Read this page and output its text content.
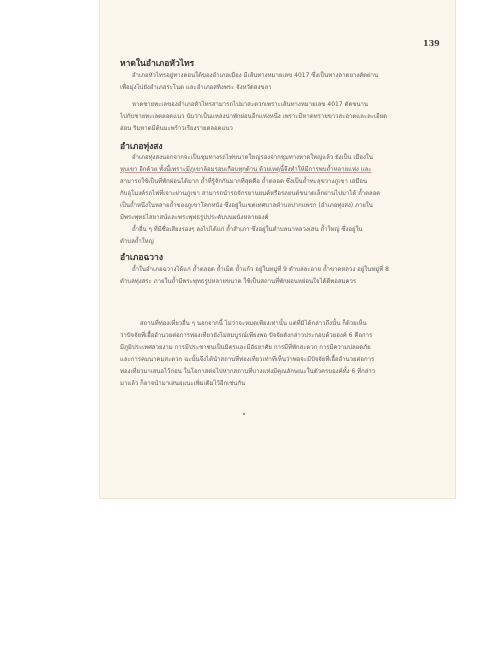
139
หาดในอำเภอหัวไทร
อำเภอหัวไทรอยู่ทางตอนใต้ของอำเภอเมือง มีเส้นทางหมายเลข 4017 ซึ่งเป็นทางลาดยางตัดผ่าน
เพื่อมุ่งไปยังอำเภอระโนด และอำเภอสทิงพระ จังหวัดสงขลา
หาดชายทะเลของอำเภอหัวไทรสามารถไปมาสะดวกเพราะเส้นทางหมายเลข 4017 ตัดขนาน
ไปกับชายทะเลตลอดแนว นับว่าเป็นแหล่งน่าพักผ่อนอีกแห่งหนึ่ง เพราะมีหาดทรายขาวสะอาดและละเอียด
อ่อน ริมหาดมีต้นมะพร้าวเรียงรายตลอดแนว
อำเภอทุ่งสง
อำเภอทุ่งสงนอกจากจะเป็นชุมทางรถไฟขนาดใหญ่รองจากชุมทางหาดใหญ่แล้ว ยังเป็น เมืองใน
หุบเขา อีกด้วย ทั้งนี้เพราะมีภูเขาล้อมรอบเกือบทุกด้าน ด้วยเหตุนี้จึงทำให้มีการพบถ้ำหลายแห่ง และ
สามารถใช้เป็นที่พักผ่อนได้มาก ถ้ำที่รู้จักกันมากที่สุดคือ ถ้ำตลอด ซึ่งเป็นถ้ำทะลุขวางภูเขา เสมือน
กับอุโมงค์รถไฟที่เจาะผ่านภูเขา สามารถนำรถจักรยานยนต์หรือรถยนต์ขนาดเล็กผ่านไปมาได้ ถ้ำตลอด
เป็นถ้ำหนึ่งในหลายถ้ำของภูเขาโคกหนัง ซึ่งอยู่ในเขตเทศบาลตำบลปากแพรก (อำเภอทุ่งสง) ภายใน
มีพระพุทธไสยาสน์และพระพุทธรูปประดับบนผนังหลายองค์
ถ้ำอื่น ๆ ที่มีชื่อเสียงรองๆ ลงไปได้แก่ ถ้ำสำเภา ซึ่งอยู่ในตำบลนาหลวงเสน ถ้ำใหญ่ ซึ่งอยู่ใน
ตำบลถ้ำใหญ่
อำเภอฉวาง
ถ้ำในอำเภอฉวางได้แก่ ถ้ำตลอด ถ้ำเม็ด ถ้ำแก้ว อยู่ในหมู่ที่ 9 ตำบลละอาย ถ้ำขาดหลวง อยู่ในหมู่ที่ 8
ตำบลทุ่งสระ ภายในถ้ำมีพระพุทธรูปหลายขนาด ใช้เป็นสถานที่พักผ่อนหย่อนใจได้ดีพอสมควร
สถานที่ท่องเที่ยวอื่น ๆ นอกจากนี้ ไม่ว่าจะหมดเพียงเท่านั้น แต่ที่มิได้กล่าวถึงนั้น ก็ด้วยเห็น
ว่าปัจจัยที่เอื้ออำนวยต่อการท่องเที่ยวยังไม่สมบูรณ์เพียงพอ ปัจจัยดังกล่าวประกอบด้วยองค์ 6 คือการ
มีภูมิประเทศสวยงาม การมีประชาชนเป็นมิตรและมีอัธยาศัย การมีที่พักสะดวก การมีความปลอดภัย
และการคมนาคมสะดวก ฉะนั้นจึงได้นำสถานที่ท่องเที่ยวเท่าที่เห็นว่าพอจะมีปัจจัยที่เอื้ออำนวยต่อการ
ท่องเที่ยวมาเสนอไว้ก่อน ในโอกาสต่อไปหากสถานที่บางแห่งมีคุณลักษณะในตัวครบองค์ทั้ง 6 ที่กล่าว
มาแล้ว ก็อาจนำมาเสนอแนะเพิ่มเติมไว้อีกเช่นกัน
